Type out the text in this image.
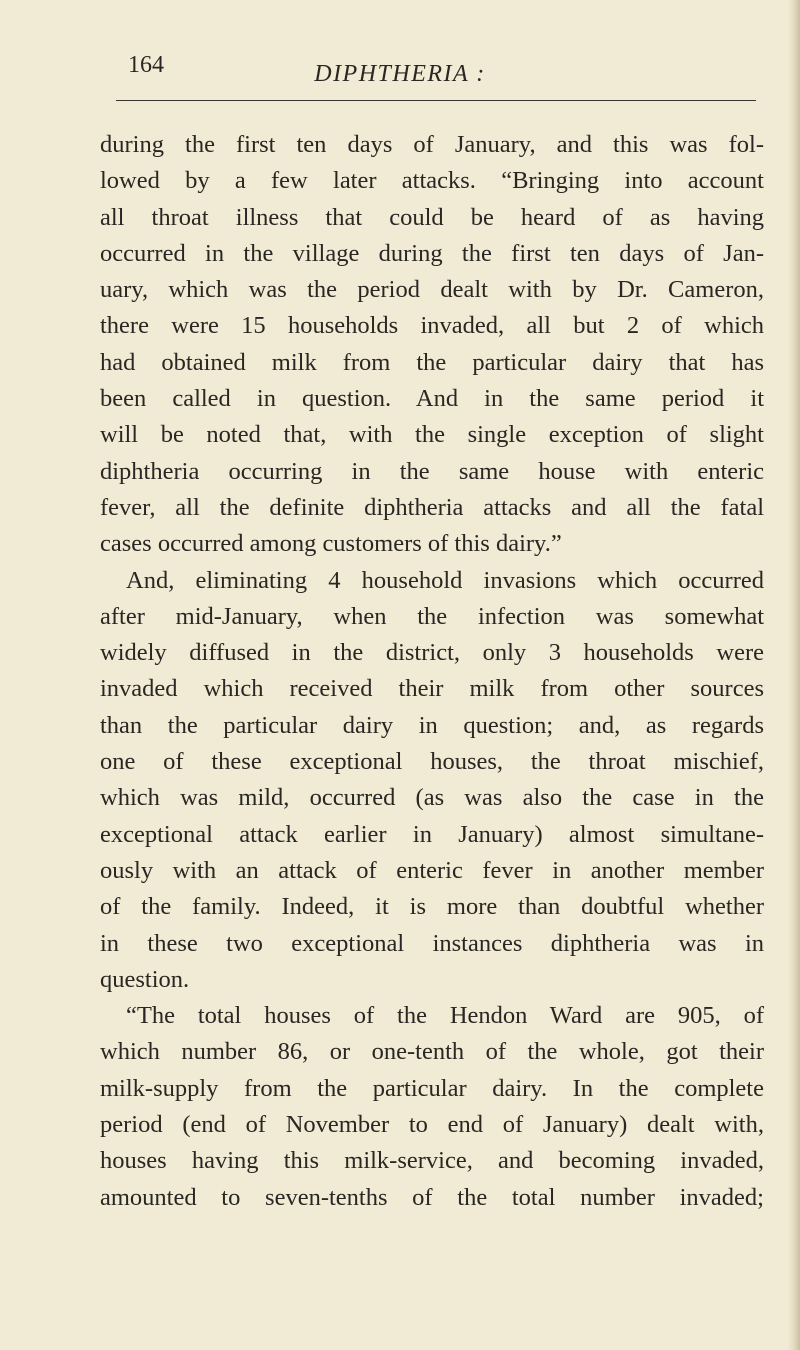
164	DIPHTHERIA :
during the first ten days of January, and this was fol-
lowed by a few later attacks. “Bringing into account
all throat illness that could be heard of as having
occurred in the village during the first ten days of Jan-
uary, which was the period dealt with by Dr. Cameron,
there were 15 households invaded, all but 2 of which
had obtained milk from the particular dairy that has
been called in question. And in the same period it
will be noted that, with the single exception of slight
diphtheria occurring in the same house with enteric
fever, all the definite diphtheria attacks and all the fatal
cases occurred among customers of this dairy.”
And, eliminating 4 household invasions which occurred
after mid-January, when the infection was somewhat
widely diffused in the district, only 3 households were
invaded which received their milk from other sources
than the particular dairy in question; and, as regards
one of these exceptional houses, the throat mischief,
which was mild, occurred (as was also the case in the
exceptional attack earlier in January) almost simultane-
ously with an attack of enteric fever in another member
of the family. Indeed, it is more than doubtful whether
in these two exceptional instances diphtheria was in
question.
“The total houses of the Hendon Ward are 905, of
which number 86, or one-tenth of the whole, got their
milk-supply from the particular dairy. In the complete
period (end of November to end of January) dealt with,
houses having this milk-service, and becoming invaded,
amounted to seven-tenths of the total number invaded;
